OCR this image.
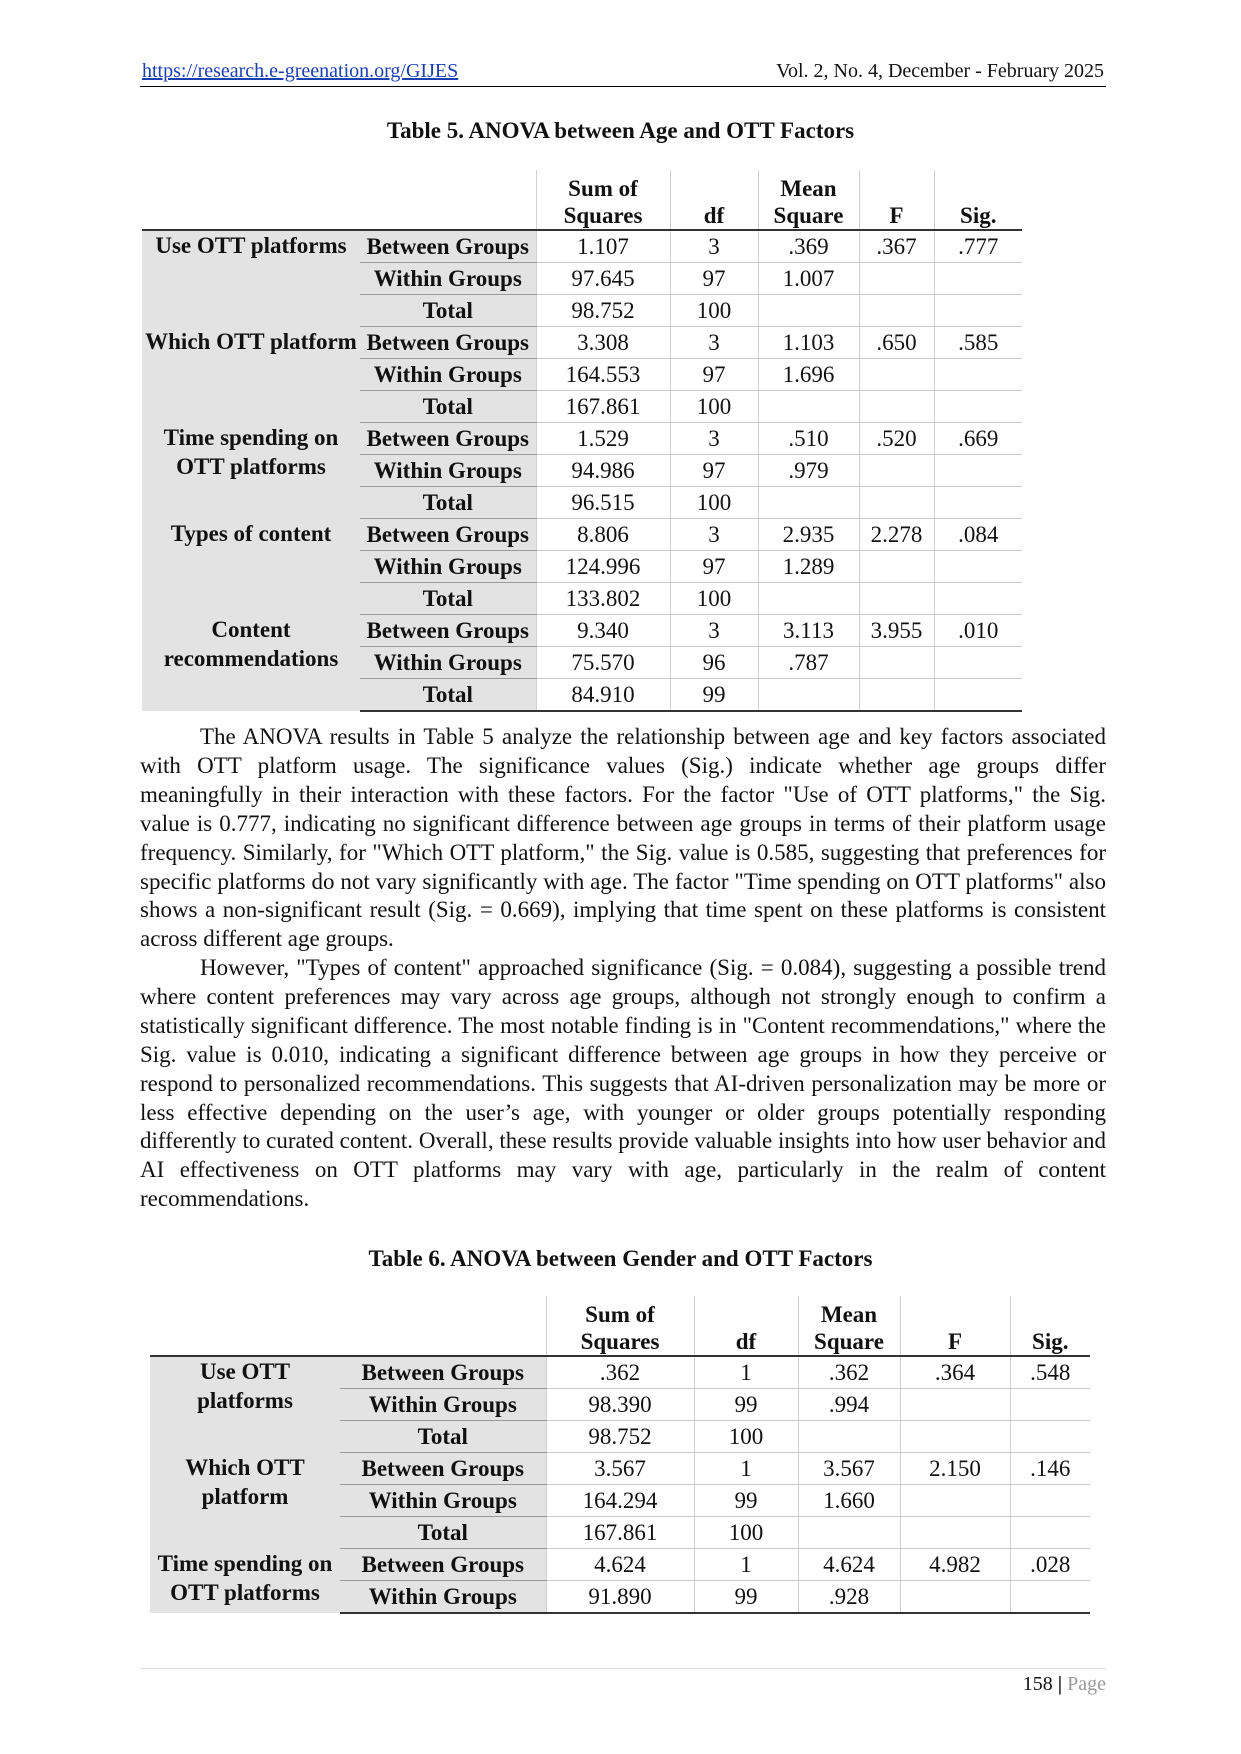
https://research.e-greenation.org/GIJES	Vol. 2, No. 4, December - February 2025
Table 5. ANOVA between Age and OTT Factors
		Sum of Squares	df	Mean Square	F	Sig.
Use OTT platforms	Between Groups	1.107	3	.369	.367	.777
	Within Groups	97.645	97	1.007		
	Total	98.752	100			
Which OTT platform	Between Groups	3.308	3	1.103	.650	.585
	Within Groups	164.553	97	1.696		
	Total	167.861	100			
Time spending on OTT platforms	Between Groups	1.529	3	.510	.520	.669
	Within Groups	94.986	97	.979		
	Total	96.515	100			
Types of content	Between Groups	8.806	3	2.935	2.278	.084
	Within Groups	124.996	97	1.289		
	Total	133.802	100			
Content recommendations	Between Groups	9.340	3	3.113	3.955	.010
	Within Groups	75.570	96	.787		
	Total	84.910	99			

The ANOVA results in Table 5 analyze the relationship between age and key factors associated with OTT platform usage. The significance values (Sig.) indicate whether age groups differ meaningfully in their interaction with these factors. For the factor "Use of OTT platforms," the Sig. value is 0.777, indicating no significant difference between age groups in terms of their platform usage frequency. Similarly, for "Which OTT platform," the Sig. value is 0.585, suggesting that preferences for specific platforms do not vary significantly with age. The factor "Time spending on OTT platforms" also shows a non-significant result (Sig. = 0.669), implying that time spent on these platforms is consistent across different age groups.

However, "Types of content" approached significance (Sig. = 0.084), suggesting a possible trend where content preferences may vary across age groups, although not strongly enough to confirm a statistically significant difference. The most notable finding is in "Content recommendations," where the Sig. value is 0.010, indicating a significant difference between age groups in how they perceive or respond to personalized recommendations. This suggests that AI-driven personalization may be more or less effective depending on the user’s age, with younger or older groups potentially responding differently to curated content. Overall, these results provide valuable insights into how user behavior and AI effectiveness on OTT platforms may vary with age, particularly in the realm of content recommendations.

Table 6. ANOVA between Gender and OTT Factors
		Sum of Squares	df	Mean Square	F	Sig.
Use OTT platforms	Between Groups	.362	1	.362	.364	.548
	Within Groups	98.390	99	.994		
	Total	98.752	100			
Which OTT platform	Between Groups	3.567	1	3.567	2.150	.146
	Within Groups	164.294	99	1.660		
	Total	167.861	100			
Time spending on OTT platforms	Between Groups	4.624	1	4.624	4.982	.028
	Within Groups	91.890	99	.928		
158 | Page
